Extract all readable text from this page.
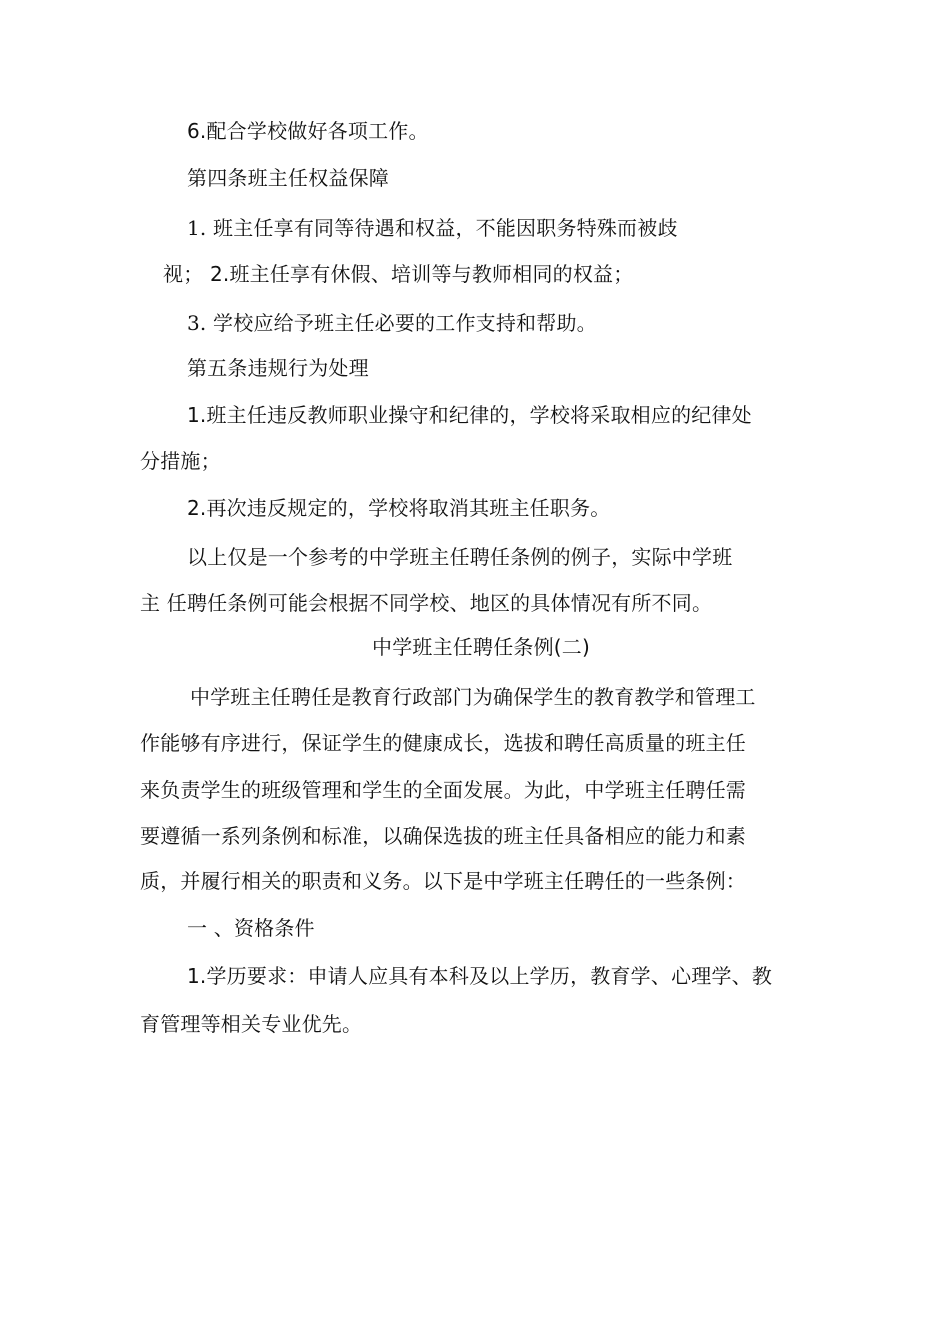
6.配合学校做好各项工作。
第四条班主任权益保障
1. 班主任享有同等待遇和权益，不能因职务特殊而被歧
视； 2.班主任享有休假、培训等与教师相同的权益；
3. 学校应给予班主任必要的工作支持和帮助。
第五条违规行为处理
1.班主任违反教师职业操守和纪律的，学校将采取相应的纪律处
分措施；
2.再次违反规定的，学校将取消其班主任职务。
以上仅是一个参考的中学班主任聘任条例的例子，实际中学班
主 任聘任条例可能会根据不同学校、地区的具体情况有所不同。
中学班主任聘任条例(二)
中学班主任聘任是教育行政部门为确保学生的教育教学和管理工
作能够有序进行，保证学生的健康成长，选拔和聘任高质量的班主任
来负责学生的班级管理和学生的全面发展。为此，中学班主任聘任需
要遵循一系列条例和标准，以确保选拔的班主任具备相应的能力和素
质，并履行相关的职责和义务。以下是中学班主任聘任的一些条例：
一 、资格条件
1.学历要求：申请人应具有本科及以上学历，教育学、心理学、教
育管理等相关专业优先。
